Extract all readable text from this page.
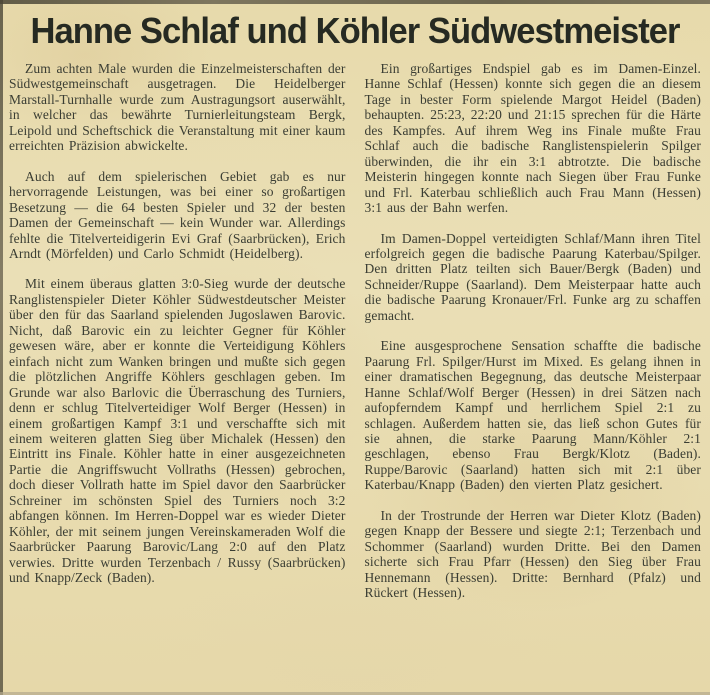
Hanne Schlaf und Köhler Südwestmeister

Zum achten Male wurden die Einzelmeisterschaften der Südwestgemeinschaft ausgetragen. Die Heidelberger Marstall-Turnhalle wurde zum Austragungsort auserwählt, in welcher das bewährte Turnierleitungsteam Bergk, Leipold und Scheftschick die Veranstaltung mit einer kaum erreichten Präzision abwickelte.

Auch auf dem spielerischen Gebiet gab es nur hervorragende Leistungen, was bei einer so großartigen Besetzung — die 64 besten Spieler und 32 der besten Damen der Gemeinschaft — kein Wunder war. Allerdings fehlte die Titelverteidigerin Evi Graf (Saarbrücken), Erich Arndt (Mörfelden) und Carlo Schmidt (Heidelberg).

Mit einem überaus glatten 3:0-Sieg wurde der deutsche Ranglistenspieler Dieter Köhler Südwestdeutscher Meister über den für das Saarland spielenden Jugoslawen Barovic. Nicht, daß Barovic ein zu leichter Gegner für Köhler gewesen wäre, aber er konnte die Verteidigung Köhlers einfach nicht zum Wanken bringen und mußte sich gegen die plötzlichen Angriffe Köhlers geschlagen geben. Im Grunde war also Barlovic die Überraschung des Turniers, denn er schlug Titelverteidiger Wolf Berger (Hessen) in einem großartigen Kampf 3:1 und verschaffte sich mit einem weiteren glatten Sieg über Michalek (Hessen) den Eintritt ins Finale. Köhler hatte in einer ausgezeichneten Partie die Angriffswucht Vollraths (Hessen) gebrochen, doch dieser Vollrath hatte im Spiel davor den Saarbrücker Schreiner im schönsten Spiel des Turniers noch 3:2 abfangen können. Im Herren-Doppel war es wieder Dieter Köhler, der mit seinem jungen Vereinskameraden Wolf die Saarbrücker Paarung Barovic/Lang 2:0 auf den Platz verwies. Dritte wurden Terzenbach / Russy (Saarbrücken) und Knapp/Zeck (Baden).

Ein großartiges Endspiel gab es im Damen-Einzel. Hanne Schlaf (Hessen) konnte sich gegen die an diesem Tage in bester Form spielende Margot Heidel (Baden) behaupten. 25:23, 22:20 und 21:15 sprechen für die Härte des Kampfes. Auf ihrem Weg ins Finale mußte Frau Schlaf auch die badische Ranglistenspielerin Spilger überwinden, die ihr ein 3:1 abtrotzte. Die badische Meisterin hingegen konnte nach Siegen über Frau Funke und Frl. Katerbau schließlich auch Frau Mann (Hessen) 3:1 aus der Bahn werfen.

Im Damen-Doppel verteidigten Schlaf/Mann ihren Titel erfolgreich gegen die badische Paarung Katerbau/Spilger. Den dritten Platz teilten sich Bauer/Bergk (Baden) und Schneider/Ruppe (Saarland). Dem Meisterpaar hatte auch die badische Paarung Kronauer/Frl. Funke arg zu schaffen gemacht.

Eine ausgesprochene Sensation schaffte die badische Paarung Frl. Spilger/Hurst im Mixed. Es gelang ihnen in einer dramatischen Begegnung, das deutsche Meisterpaar Hanne Schlaf/Wolf Berger (Hessen) in drei Sätzen nach aufopferndem Kampf und herrlichem Spiel 2:1 zu schlagen. Außerdem hatten sie, das ließ schon Gutes für sie ahnen, die starke Paarung Mann/Köhler 2:1 geschlagen, ebenso Frau Bergk/Klotz (Baden). Ruppe/Barovic (Saarland) hatten sich mit 2:1 über Katerbau/Knapp (Baden) den vierten Platz gesichert.

In der Trostrunde der Herren war Dieter Klotz (Baden) gegen Knapp der Bessere und siegte 2:1; Terzenbach und Schommer (Saarland) wurden Dritte. Bei den Damen sicherte sich Frau Pfarr (Hessen) den Sieg über Frau Hennemann (Hessen). Dritte: Bernhard (Pfalz) und Rückert (Hessen).
